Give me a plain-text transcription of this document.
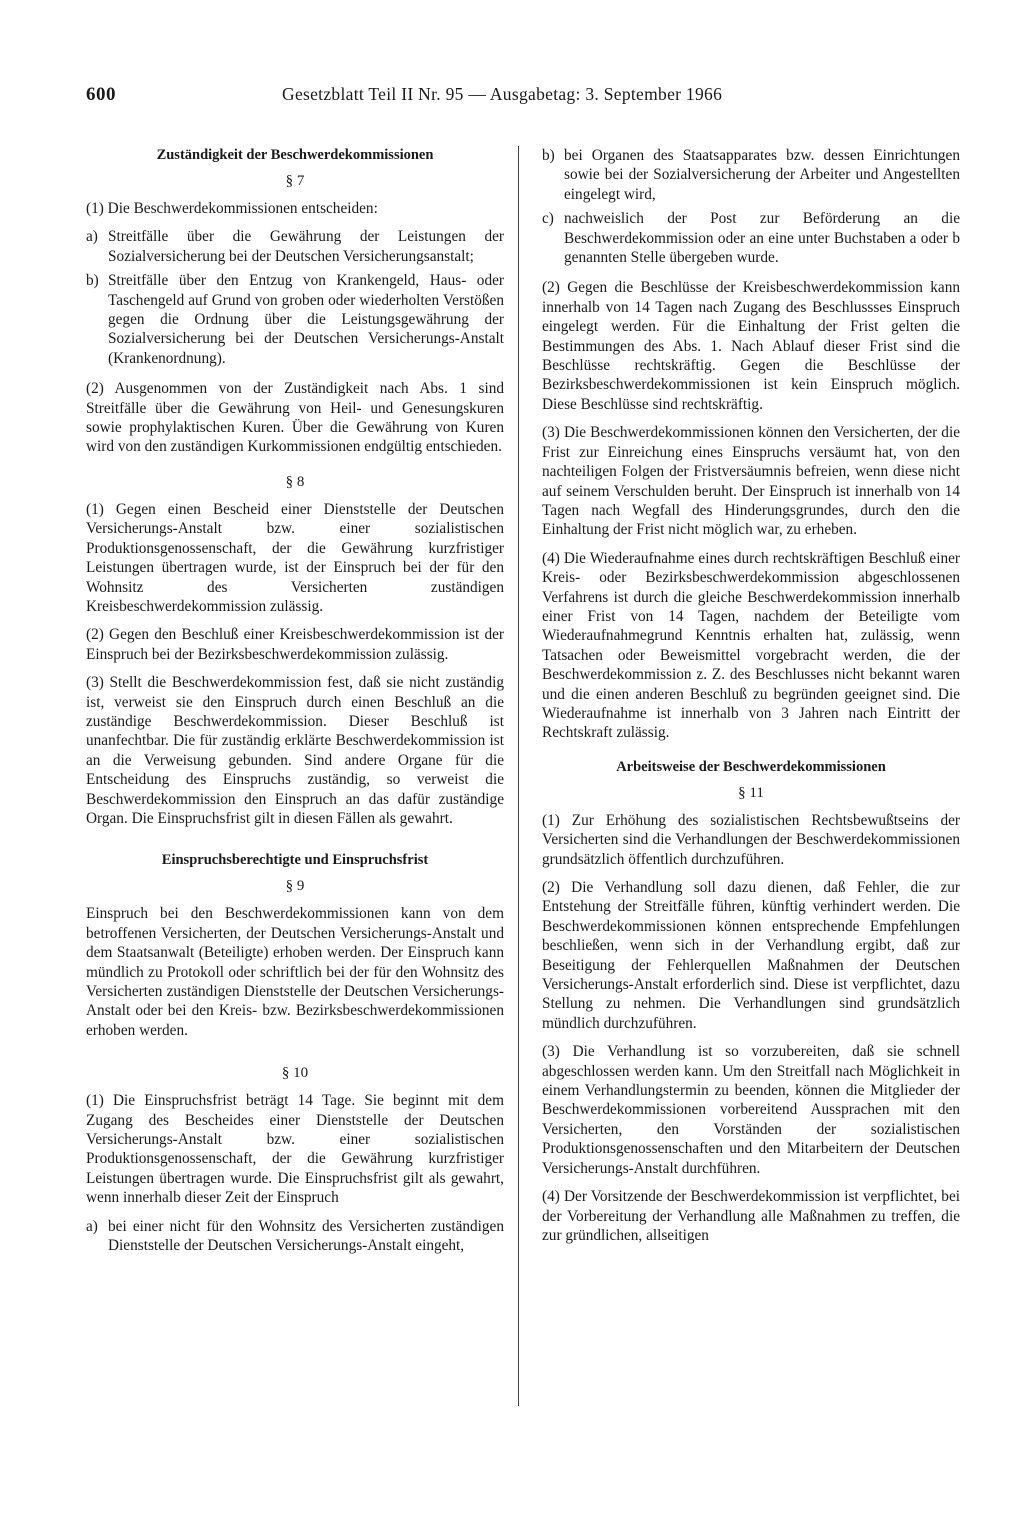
600	Gesetzblatt Teil II Nr. 95 — Ausgabetag: 3. September 1966
Zuständigkeit der Beschwerdekommissionen
§ 7

(1) Die Beschwerdekommissionen entscheiden:

a) Streitfälle über die Gewährung der Leistungen der Sozialversicherung bei der Deutschen Versicherungsanstalt;
b) Streitfälle über den Entzug von Krankengeld, Haus- oder Taschengeld auf Grund von groben oder wiederholten Verstößen gegen die Ordnung über die Leistungsgewährung der Sozialversicherung bei der Deutschen Versicherungs-Anstalt (Krankenordnung).

(2) Ausgenommen von der Zuständigkeit nach Abs. 1 sind Streitfälle über die Gewährung von Heil- und Genesungskuren sowie prophylaktischen Kuren. Über die Gewährung von Kuren wird von den zuständigen Kurkommissionen endgültig entschieden.

§ 8

(1) Gegen einen Bescheid einer Dienststelle der Deutschen Versicherungs-Anstalt bzw. einer sozialistischen Produktionsgenossenschaft, der die Gewährung kurzfristiger Leistungen übertragen wurde, ist der Einspruch bei der für den Wohnsitz des Versicherten zuständigen Kreisbeschwerdekommission zulässig.

(2) Gegen den Beschluß einer Kreisbeschwerdekommission ist der Einspruch bei der Bezirksbeschwerdekommission zulässig.

(3) Stellt die Beschwerdekommission fest, daß sie nicht zuständig ist, verweist sie den Einspruch durch einen Beschluß an die zuständige Beschwerdekommission. Dieser Beschluß ist unanfechtbar. Die für zuständig erklärte Beschwerdekommission ist an die Verweisung gebunden. Sind andere Organe für die Entscheidung des Einspruchs zuständig, so verweist die Beschwerdekommission den Einspruch an das dafür zuständige Organ. Die Einspruchsfrist gilt in diesen Fällen als gewahrt.

Einspruchsberechtigte und Einspruchsfrist
§ 9

Einspruch bei den Beschwerdekommissionen kann von dem betroffenen Versicherten, der Deutschen Versicherungs-Anstalt und dem Staatsanwalt (Beteiligte) erhoben werden. Der Einspruch kann mündlich zu Protokoll oder schriftlich bei der für den Wohnsitz des Versicherten zuständigen Dienststelle der Deutschen Versicherungs-Anstalt oder bei den Kreis- bzw. Bezirksbeschwerdekommissionen erhoben werden.

§ 10

(1) Die Einspruchsfrist beträgt 14 Tage. Sie beginnt mit dem Zugang des Bescheides einer Dienststelle der Deutschen Versicherungs-Anstalt bzw. einer sozialistischen Produktionsgenossenschaft, der die Gewährung kurzfristiger Leistungen übertragen wurde. Die Einspruchsfrist gilt als gewahrt, wenn innerhalb dieser Zeit der Einspruch

a) bei einer nicht für den Wohnsitz des Versicherten zuständigen Dienststelle der Deutschen Versicherungs-Anstalt eingeht,
b) bei Organen des Staatsapparates bzw. dessen Einrichtungen sowie bei der Sozialversicherung der Arbeiter und Angestellten eingelegt wird,
c) nachweislich der Post zur Beförderung an die Beschwerdekommission oder an eine unter Buchstaben a oder b genannten Stelle übergeben wurde.

(2) Gegen die Beschlüsse der Kreisbeschwerdekommission kann innerhalb von 14 Tagen nach Zugang des Beschlussses Einspruch eingelegt werden. Für die Einhaltung der Frist gelten die Bestimmungen des Abs. 1. Nach Ablauf dieser Frist sind die Beschlüsse rechtskräftig. Gegen die Beschlüsse der Bezirksbeschwerdekommissionen ist kein Einspruch möglich. Diese Beschlüsse sind rechtskräftig.

(3) Die Beschwerdekommissionen können den Versicherten, der die Frist zur Einreichung eines Einspruchs versäumt hat, von den nachteiligen Folgen der Fristversäumnis befreien, wenn diese nicht auf seinem Verschulden beruht. Der Einspruch ist innerhalb von 14 Tagen nach Wegfall des Hinderungsgrundes, durch den die Einhaltung der Frist nicht möglich war, zu erheben.

(4) Die Wiederaufnahme eines durch rechtskräftigen Beschluß einer Kreis- oder Bezirksbeschwerdekommission abgeschlossenen Verfahrens ist durch die gleiche Beschwerdekommission innerhalb einer Frist von 14 Tagen, nachdem der Beteiligte vom Wiederaufnahmegrund Kenntnis erhalten hat, zulässig, wenn Tatsachen oder Beweismittel vorgebracht werden, die der Beschwerdekommission z. Z. des Beschlusses nicht bekannt waren und die einen anderen Beschluß zu begründen geeignet sind. Die Wiederaufnahme ist innerhalb von 3 Jahren nach Eintritt der Rechtskraft zulässig.

Arbeitsweise der Beschwerdekommissionen
§ 11

(1) Zur Erhöhung des sozialistischen Rechtsbewußtseins der Versicherten sind die Verhandlungen der Beschwerdekommissionen grundsätzlich öffentlich durchzuführen.

(2) Die Verhandlung soll dazu dienen, daß Fehler, die zur Entstehung der Streitfälle führen, künftig verhindert werden. Die Beschwerdekommissionen können entsprechende Empfehlungen beschließen, wenn sich in der Verhandlung ergibt, daß zur Beseitigung der Fehlerquellen Maßnahmen der Deutschen Versicherungs-Anstalt erforderlich sind. Diese ist verpflichtet, dazu Stellung zu nehmen. Die Verhandlungen sind grundsätzlich mündlich durchzuführen.

(3) Die Verhandlung ist so vorzubereiten, daß sie schnell abgeschlossen werden kann. Um den Streitfall nach Möglichkeit in einem Verhandlungstermin zu beenden, können die Mitglieder der Beschwerdekommissionen vorbereitend Aussprachen mit den Versicherten, den Vorständen der sozialistischen Produktionsgenossenschaften und den Mitarbeitern der Deutschen Versicherungs-Anstalt durchführen.

(4) Der Vorsitzende der Beschwerdekommission ist verpflichtet, bei der Vorbereitung der Verhandlung alle Maßnahmen zu treffen, die zur gründlichen, allseitigen
